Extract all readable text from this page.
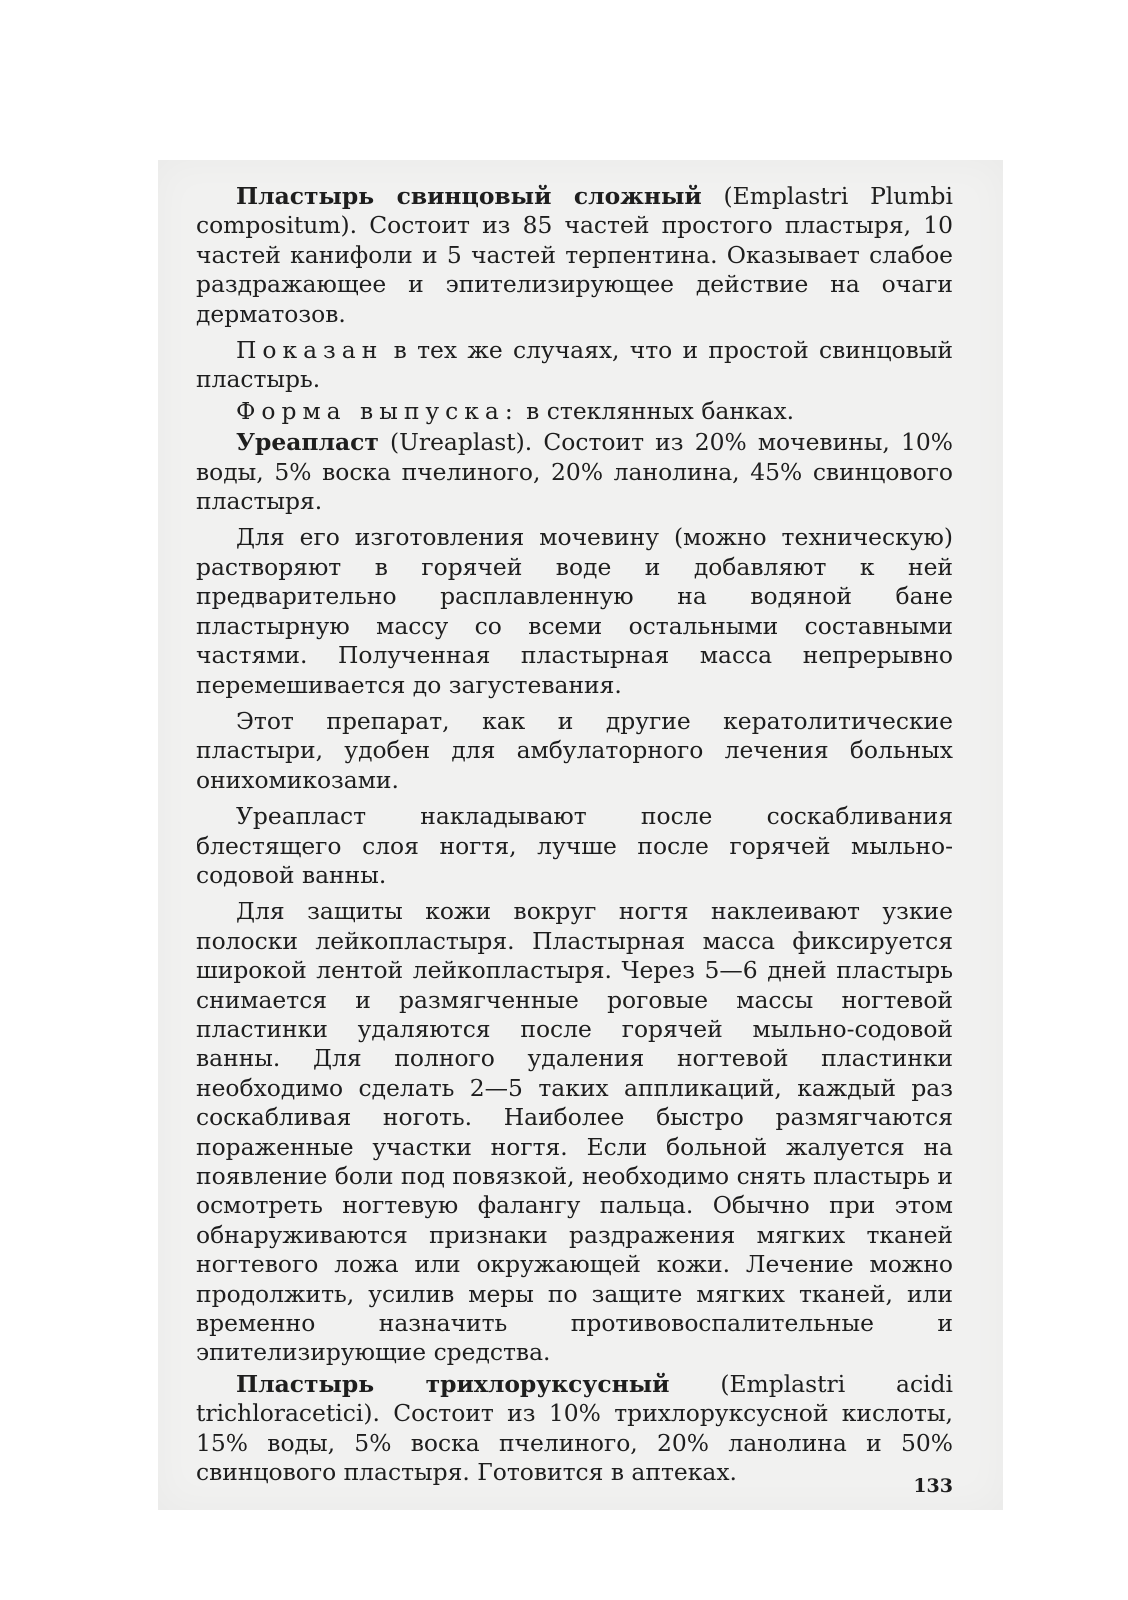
Пластырь свинцовый сложный (Emplastri Plumbi compositum). Состоит из 85 частей простого пластыря, 10 частей канифоли и 5 частей терпентина. Оказывает слабое раздражающее и эпителизирующее действие на очаги дерматозов.

Показан в тех же случаях, что и простой свинцовый пластырь.

Форма выпуска: в стеклянных банках.

Уреапласт (Ureaplast). Состоит из 20% мочевины, 10% воды, 5% воска пчелиного, 20% ланолина, 45% свинцового пластыря.

Для его изготовления мочевину (можно техническую) растворяют в горячей воде и добавляют к ней предварительно расплавленную на водяной бане пластырную массу со всеми остальными составными частями. Полученная пластырная масса непрерывно перемешивается до загустевания.

Этот препарат, как и другие кератолитические пластыри, удобен для амбулаторного лечения больных онихомикозами.

Уреапласт накладывают после соскабливания блестящего слоя ногтя, лучше после горячей мыльно-содовой ванны.

Для защиты кожи вокруг ногтя наклеивают узкие полоски лейкопластыря. Пластырная масса фиксируется широкой лентой лейкопластыря. Через 5—6 дней пластырь снимается и размягченные роговые массы ногтевой пластинки удаляются после горячей мыльно-содовой ванны. Для полного удаления ногтевой пластинки необходимо сделать 2—5 таких аппликаций, каждый раз соскабливая ноготь. Наиболее быстро размягчаются пораженные участки ногтя. Если больной жалуется на появление боли под повязкой, необходимо снять пластырь и осмотреть ногтевую фалангу пальца. Обычно при этом обнаруживаются признаки раздражения мягких тканей ногтевого ложа или окружающей кожи. Лечение можно продолжить, усилив меры по защите мягких тканей, или временно назначить противовоспалительные и эпителизирующие средства.

Пластырь трихлоруксусный (Emplastri acidi trichloracetici). Состоит из 10% трихлоруксусной кислоты, 15% воды, 5% воска пчелиного, 20% ланолина и 50% свинцового пластыря. Готовится в аптеках.	133
